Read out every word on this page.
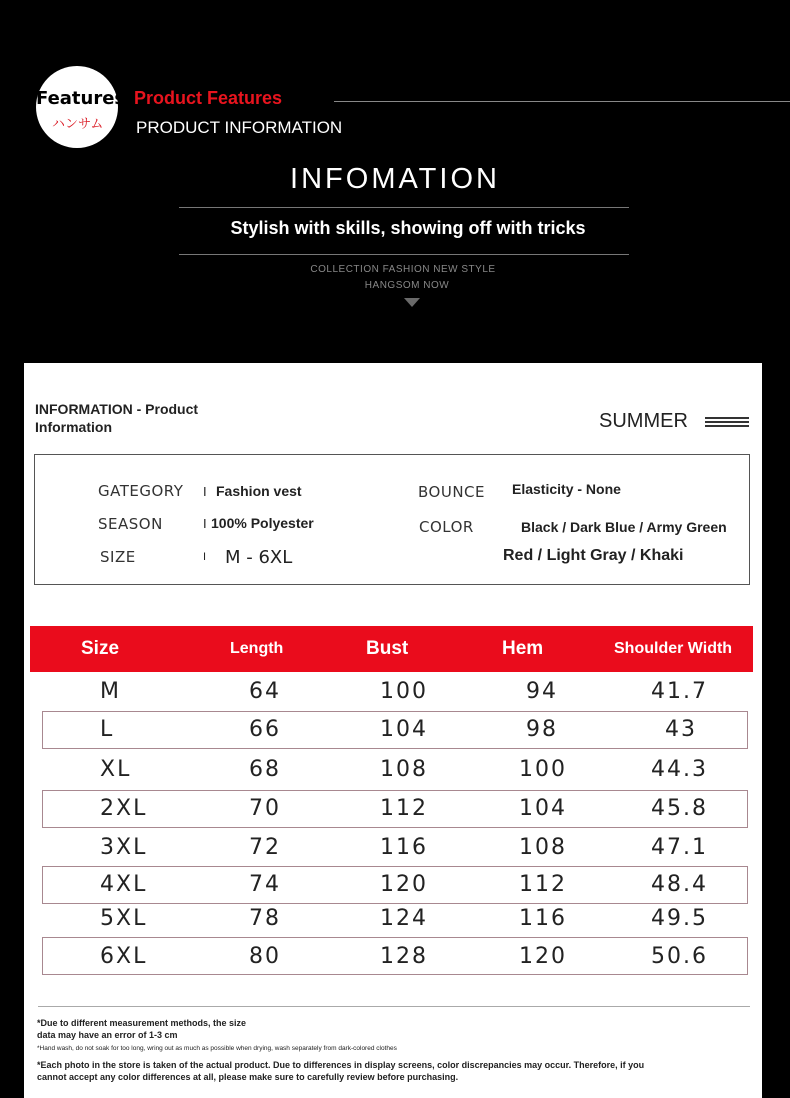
Features
ハンサム
Product Features
PRODUCT INFORMATION
INFOMATION
Stylish with skills, showing off with tricks
COLLECTION FASHION NEW STYLE
HANGSOM NOW
INFORMATION - Product
Information	SUMMER
GATEGORY I Fashion vest
SEASON	I 100% Polyester
SIZE	I M - 6XL
BOUNCE Elasticity - None
COLOR	Black / Dark Blue / Army Green
Red / Light Gray / Khaki
Size	Length	Bust	Hem	Shoulder Width
M	64	100	94	41.7
L	66	104	98	43
XL	68	108	100	44.3
2XL	70	112	104	45.8
3XL	72	116	108	47.1
4XL	74	120	112	48.4
5XL	78	124	116	49.5
6XL	80	128	120	50.6
*Due to different measurement methods, the size
data may have an error of 1-3 cm
*Hand wash, do not soak for too long, wring out as much as possible when drying, wash separately from dark-colored clothes
*Each photo in the store is taken of the actual product. Due to differences in display screens, color discrepancies may occur. Therefore, if you
cannot accept any color differences at all, please make sure to carefully review before purchasing.
